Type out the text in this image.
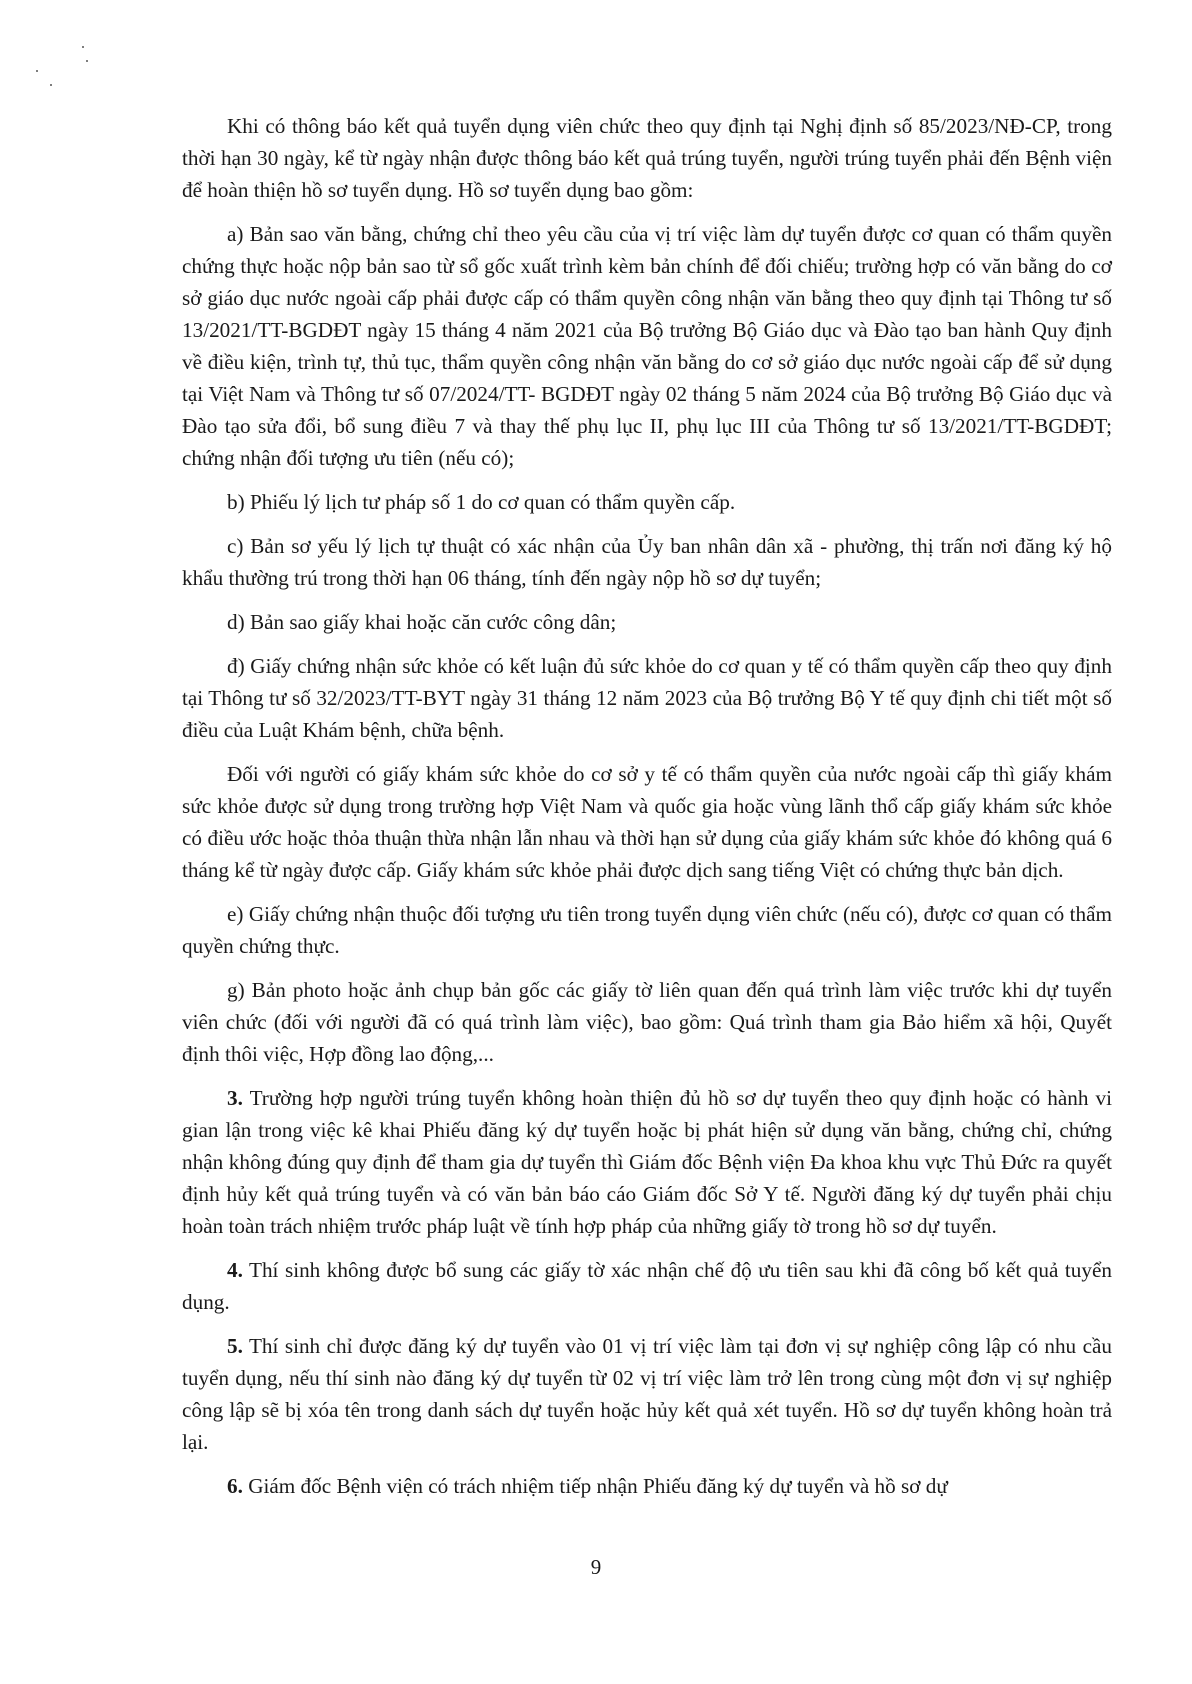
Khi có thông báo kết quả tuyển dụng viên chức theo quy định tại Nghị định số 85/2023/NĐ-CP, trong thời hạn 30 ngày, kể từ ngày nhận được thông báo kết quả trúng tuyển, người trúng tuyển phải đến Bệnh viện để hoàn thiện hồ sơ tuyển dụng. Hồ sơ tuyển dụng bao gồm:

a) Bản sao văn bằng, chứng chỉ theo yêu cầu của vị trí việc làm dự tuyển được cơ quan có thẩm quyền chứng thực hoặc nộp bản sao từ sổ gốc xuất trình kèm bản chính để đối chiếu; trường hợp có văn bằng do cơ sở giáo dục nước ngoài cấp phải được cấp có thẩm quyền công nhận văn bằng theo quy định tại Thông tư số 13/2021/TT-BGDĐT ngày 15 tháng 4 năm 2021 của Bộ trưởng Bộ Giáo dục và Đào tạo ban hành Quy định về điều kiện, trình tự, thủ tục, thẩm quyền công nhận văn bằng do cơ sở giáo dục nước ngoài cấp để sử dụng tại Việt Nam và Thông tư số 07/2024/TT- BGDĐT ngày 02 tháng 5 năm 2024 của Bộ trưởng Bộ Giáo dục và Đào tạo sửa đổi, bổ sung điều 7 và thay thế phụ lục II, phụ lục III của Thông tư số 13/2021/TT-BGDĐT; chứng nhận đối tượng ưu tiên (nếu có);

b) Phiếu lý lịch tư pháp số 1 do cơ quan có thẩm quyền cấp.

c) Bản sơ yếu lý lịch tự thuật có xác nhận của Ủy ban nhân dân xã - phường, thị trấn nơi đăng ký hộ khẩu thường trú trong thời hạn 06 tháng, tính đến ngày nộp hồ sơ dự tuyển;

d) Bản sao giấy khai hoặc căn cước công dân;

đ) Giấy chứng nhận sức khỏe có kết luận đủ sức khỏe do cơ quan y tế có thẩm quyền cấp theo quy định tại Thông tư số 32/2023/TT-BYT ngày 31 tháng 12 năm 2023 của Bộ trưởng Bộ Y tế quy định chi tiết một số điều của Luật Khám bệnh, chữa bệnh.

Đối với người có giấy khám sức khỏe do cơ sở y tế có thẩm quyền của nước ngoài cấp thì giấy khám sức khỏe được sử dụng trong trường hợp Việt Nam và quốc gia hoặc vùng lãnh thổ cấp giấy khám sức khỏe có điều ước hoặc thỏa thuận thừa nhận lẫn nhau và thời hạn sử dụng của giấy khám sức khỏe đó không quá 6 tháng kể từ ngày được cấp. Giấy khám sức khỏe phải được dịch sang tiếng Việt có chứng thực bản dịch.

e) Giấy chứng nhận thuộc đối tượng ưu tiên trong tuyển dụng viên chức (nếu có), được cơ quan có thẩm quyền chứng thực.

g) Bản photo hoặc ảnh chụp bản gốc các giấy tờ liên quan đến quá trình làm việc trước khi dự tuyển viên chức (đối với người đã có quá trình làm việc), bao gồm: Quá trình tham gia Bảo hiểm xã hội, Quyết định thôi việc, Hợp đồng lao động,...

3. Trường hợp người trúng tuyển không hoàn thiện đủ hồ sơ dự tuyển theo quy định hoặc có hành vi gian lận trong việc kê khai Phiếu đăng ký dự tuyển hoặc bị phát hiện sử dụng văn bằng, chứng chỉ, chứng nhận không đúng quy định để tham gia dự tuyển thì Giám đốc Bệnh viện Đa khoa khu vực Thủ Đức ra quyết định hủy kết quả trúng tuyển và có văn bản báo cáo Giám đốc Sở Y tế. Người đăng ký dự tuyển phải chịu hoàn toàn trách nhiệm trước pháp luật về tính hợp pháp của những giấy tờ trong hồ sơ dự tuyển.

4. Thí sinh không được bổ sung các giấy tờ xác nhận chế độ ưu tiên sau khi đã công bố kết quả tuyển dụng.

5. Thí sinh chỉ được đăng ký dự tuyển vào 01 vị trí việc làm tại đơn vị sự nghiệp công lập có nhu cầu tuyển dụng, nếu thí sinh nào đăng ký dự tuyển từ 02 vị trí việc làm trở lên trong cùng một đơn vị sự nghiệp công lập sẽ bị xóa tên trong danh sách dự tuyển hoặc hủy kết quả xét tuyển. Hồ sơ dự tuyển không hoàn trả lại.

6. Giám đốc Bệnh viện có trách nhiệm tiếp nhận Phiếu đăng ký dự tuyển và hồ sơ dự

9
